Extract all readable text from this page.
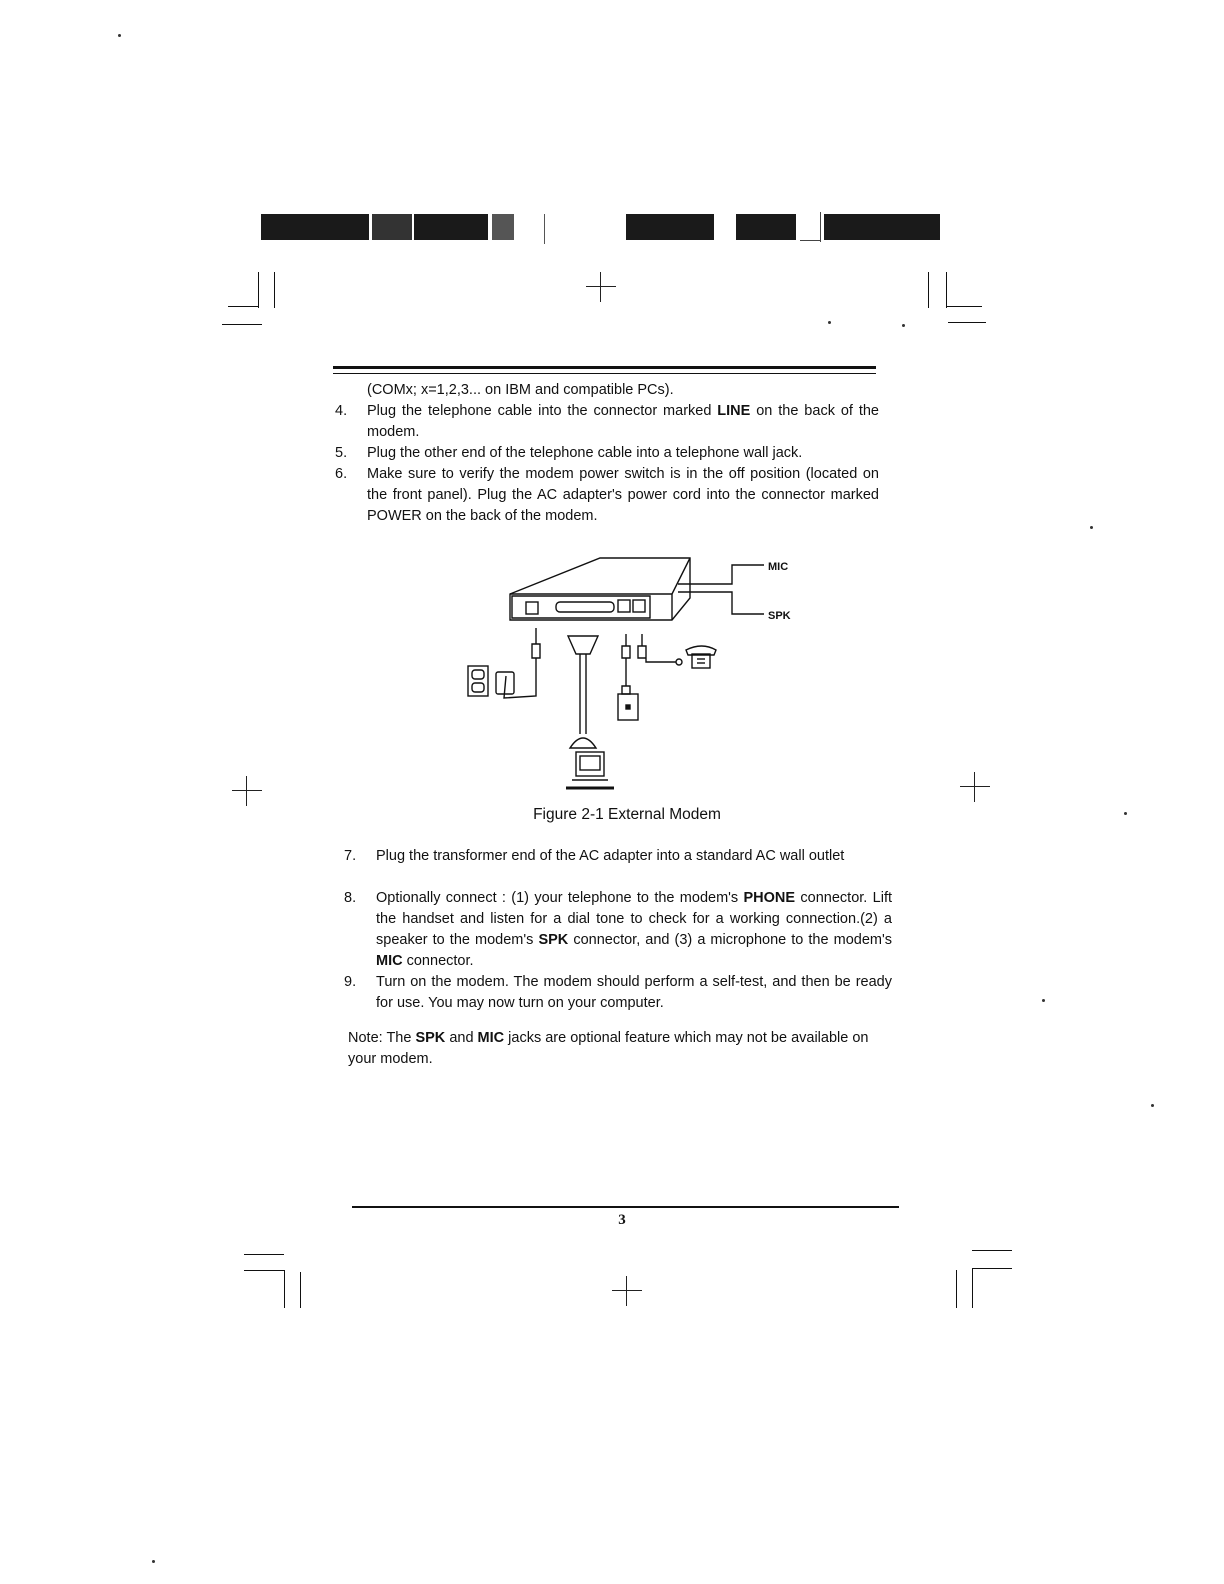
(COMx; x=1,2,3... on IBM and compatible PCs).
4. Plug the telephone cable into the connector marked LINE on the back of the modem.
5. Plug the other end of the telephone cable into a telephone wall jack.
6. Make sure to verify the modem power switch is in the off position (located on the front panel). Plug the AC adapter's power cord into the connector marked POWER on the back of the modem.
MIC
SPK
Figure 2-1 External Modem
7. Plug the transformer end of the AC adapter into a standard AC wall outlet
8. Optionally connect : (1) your telephone to the modem's PHONE connector. Lift the handset and listen for a dial tone to check for a working connection.(2) a speaker to the modem's SPK connector, and (3) a microphone to the modem's MIC connector.
9. Turn on the modem. The modem should perform a self-test, and then be ready for use. You may now turn on your computer.
Note: The SPK and MIC jacks are optional feature which may not be available on your modem.
3
